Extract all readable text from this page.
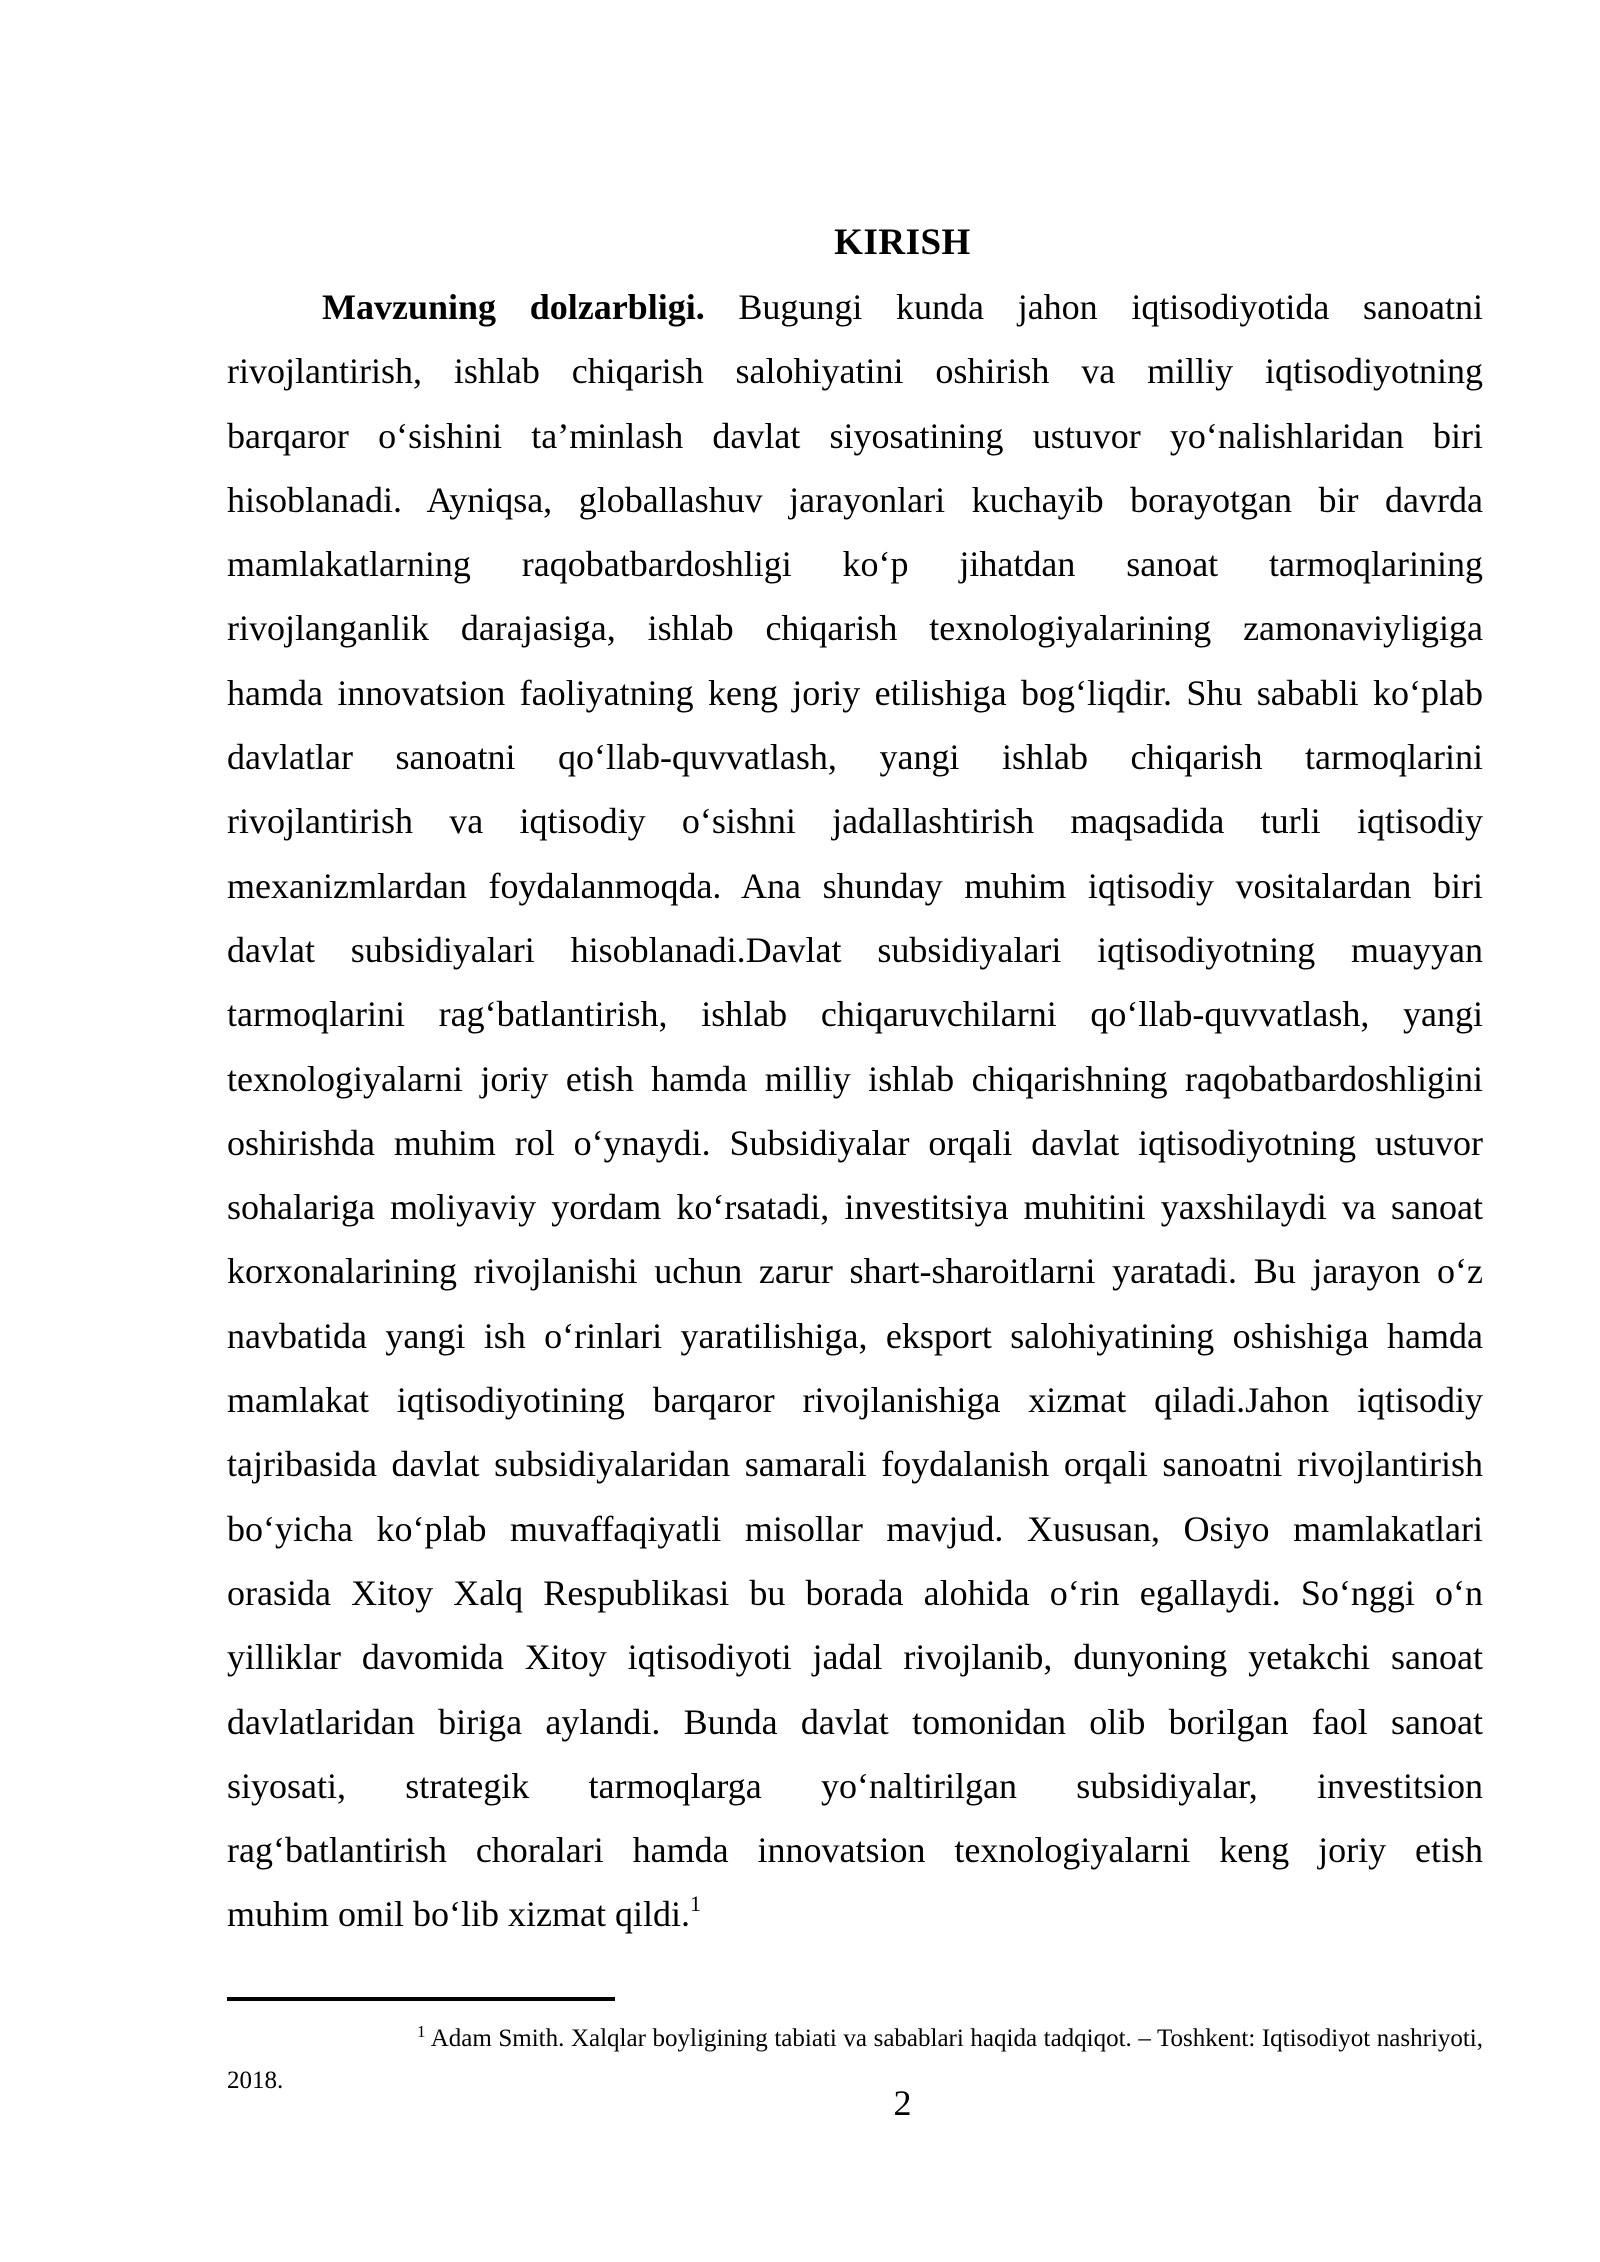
KIRISH
Mavzuning dolzarbligi. Bugungi kunda jahon iqtisodiyotida sanoatni
rivojlantirish, ishlab chiqarish salohiyatini oshirish va milliy iqtisodiyotning
barqaror o‘sishini ta’minlash davlat siyosatining ustuvor yo‘nalishlaridan biri
hisoblanadi. Ayniqsa, globallashuv jarayonlari kuchayib borayotgan bir davrda
mamlakatlarning raqobatbardoshligi ko‘p jihatdan sanoat tarmoqlarining
rivojlanganlik darajasiga, ishlab chiqarish texnologiyalarining zamonaviyligiga
hamda innovatsion faoliyatning keng joriy etilishiga bog‘liqdir. Shu sababli ko‘plab
davlatlar sanoatni qo‘llab-quvvatlash, yangi ishlab chiqarish tarmoqlarini
rivojlantirish va iqtisodiy o‘sishni jadallashtirish maqsadida turli iqtisodiy
mexanizmlardan foydalanmoqda. Ana shunday muhim iqtisodiy vositalardan biri
davlat subsidiyalari hisoblanadi.Davlat subsidiyalari iqtisodiyotning muayyan
tarmoqlarini rag‘batlantirish, ishlab chiqaruvchilarni qo‘llab-quvvatlash, yangi
texnologiyalarni joriy etish hamda milliy ishlab chiqarishning raqobatbardoshligini
oshirishda muhim rol o‘ynaydi. Subsidiyalar orqali davlat iqtisodiyotning ustuvor
sohalariga moliyaviy yordam ko‘rsatadi, investitsiya muhitini yaxshilaydi va sanoat
korxonalarining rivojlanishi uchun zarur shart-sharoitlarni yaratadi. Bu jarayon o‘z
navbatida yangi ish o‘rinlari yaratilishiga, eksport salohiyatining oshishiga hamda
mamlakat iqtisodiyotining barqaror rivojlanishiga xizmat qiladi.Jahon iqtisodiy
tajribasida davlat subsidiyalaridan samarali foydalanish orqali sanoatni rivojlantirish
bo‘yicha ko‘plab muvaffaqiyatli misollar mavjud. Xususan, Osiyo mamlakatlari
orasida Xitoy Xalq Respublikasi bu borada alohida o‘rin egallaydi. So‘nggi o‘n
yilliklar davomida Xitoy iqtisodiyoti jadal rivojlanib, dunyoning yetakchi sanoat
davlatlaridan biriga aylandi. Bunda davlat tomonidan olib borilgan faol sanoat
siyosati, strategik tarmoqlarga yo‘naltirilgan subsidiyalar, investitsion
rag‘batlantirish choralari hamda innovatsion texnologiyalarni keng joriy etish
muhim omil bo‘lib xizmat qildi.1
1 Adam Smith. Xalqlar boyligining tabiati va sabablari haqida tadqiqot. – Toshkent: Iqtisodiyot nashriyoti,
2018.
2
